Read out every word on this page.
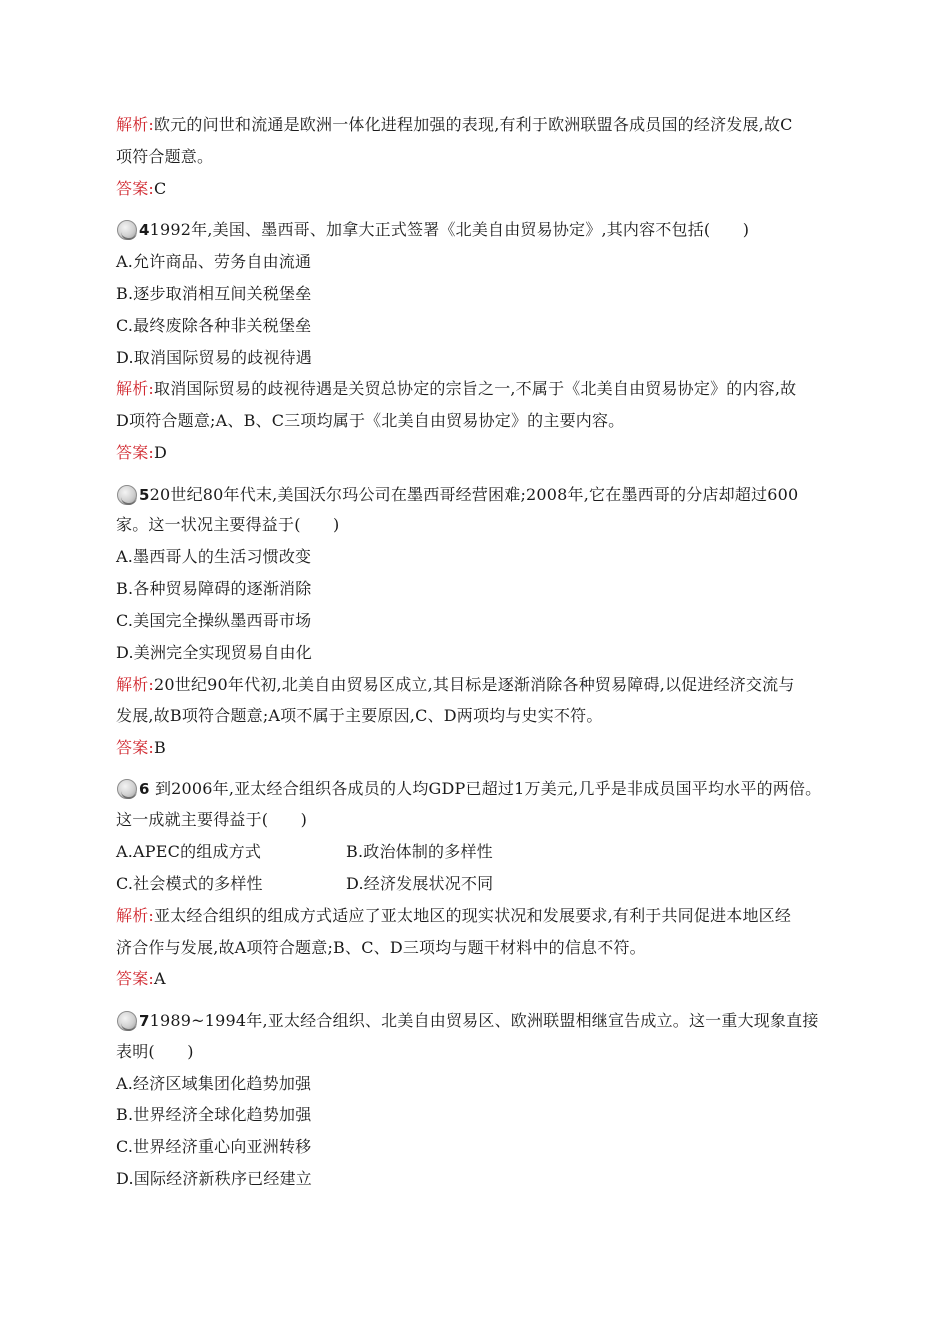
解析:欧元的问世和流通是欧洲一体化进程加强的表现,有利于欧洲联盟各成员国的经济发展,故C
项符合题意。
答案:C
41992年,美国、墨西哥、加拿大正式签署《北美自由贸易协定》,其内容不包括(　　)
A.允许商品、劳务自由流通
B.逐步取消相互间关税堡垒
C.最终废除各种非关税堡垒
D.取消国际贸易的歧视待遇
解析:取消国际贸易的歧视待遇是关贸总协定的宗旨之一,不属于《北美自由贸易协定》的内容,故
D项符合题意;A、B、C三项均属于《北美自由贸易协定》的主要内容。
答案:D
520世纪80年代末,美国沃尔玛公司在墨西哥经营困难;2008年,它在墨西哥的分店却超过600
家。这一状况主要得益于(　　)
A.墨西哥人的生活习惯改变
B.各种贸易障碍的逐渐消除
C.美国完全操纵墨西哥市场
D.美洲完全实现贸易自由化
解析:20世纪90年代初,北美自由贸易区成立,其目标是逐渐消除各种贸易障碍,以促进经济交流与
发展,故B项符合题意;A项不属于主要原因,C、D两项均与史实不符。
答案:B
6 到2006年,亚太经合组织各成员的人均GDP已超过1万美元,几乎是非成员国平均水平的两倍。
这一成就主要得益于(　　)
A.APEC的组成方式	B.政治体制的多样性
C.社会模式的多样性	D.经济发展状况不同
解析:亚太经合组织的组成方式适应了亚太地区的现实状况和发展要求,有利于共同促进本地区经
济合作与发展,故A项符合题意;B、C、D三项均与题干材料中的信息不符。
答案:A
71989~1994年,亚太经合组织、北美自由贸易区、欧洲联盟相继宣告成立。这一重大现象直接
表明(　　)
A.经济区域集团化趋势加强
B.世界经济全球化趋势加强
C.世界经济重心向亚洲转移
D.国际经济新秩序已经建立
